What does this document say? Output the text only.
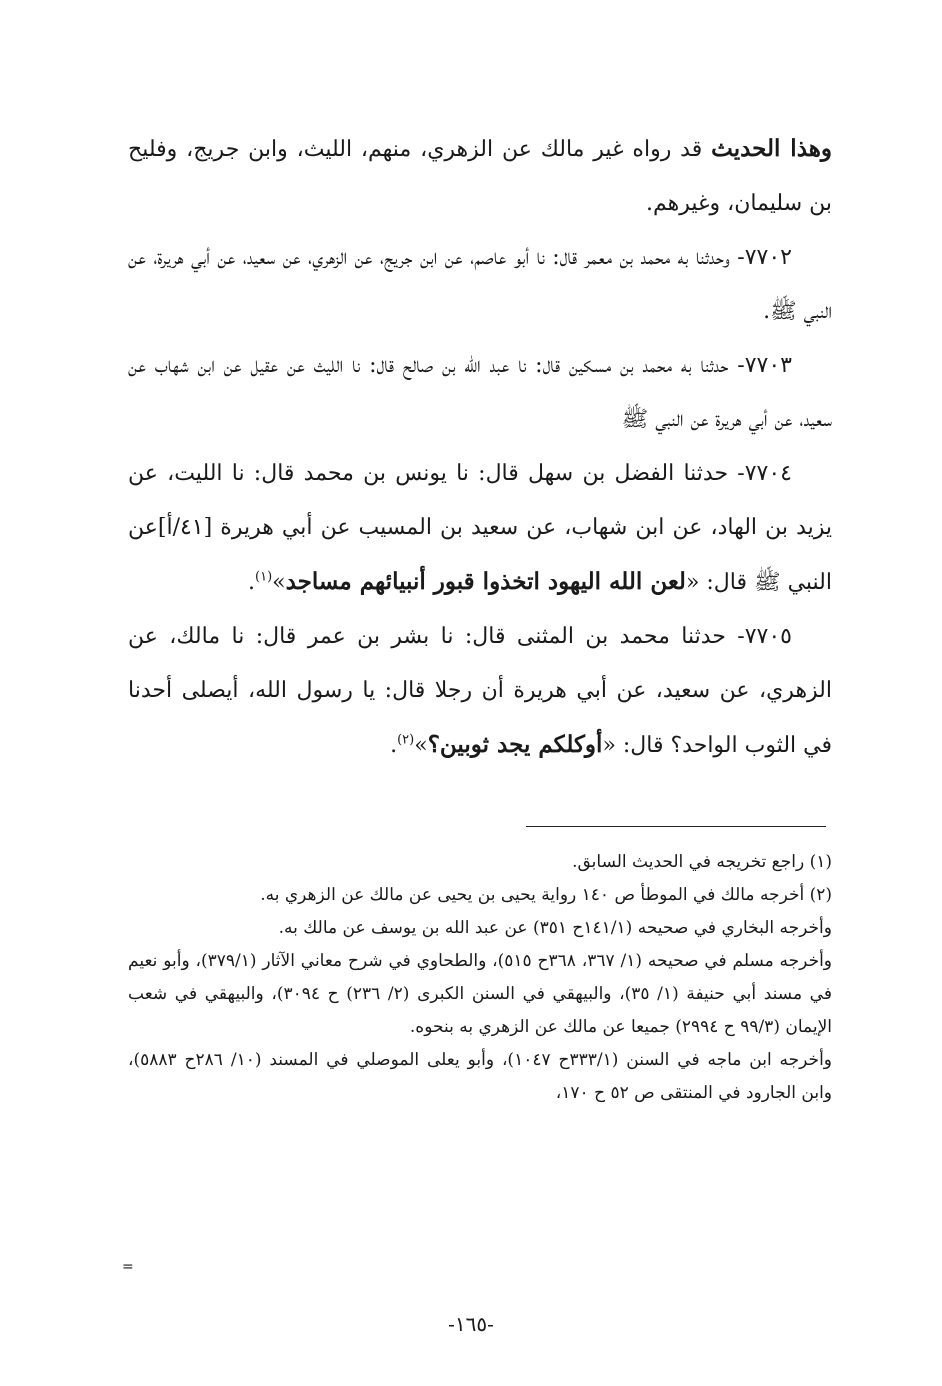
وهذا الحديث قد رواه غير مالك عن الزهري، منهم، الليث، وابن جريج، وفليح بن سليمان، وغيرهم.

٧٧٠٢- وحدثنا به محمد بن معمر قال: نا أبو عاصم، عن ابن جريج، عن الزهري، عن سعيد، عن أبي هريرة، عن النبي ﷺ.

٧٧٠٣- حدثنا به محمد بن مسكين قال: نا عبد الله بن صالح قال: نا الليث عن عقيل عن ابن شهاب عن سعيد، عن أبي هريرة عن النبي ﷺ

٧٧٠٤- حدثنا الفضل بن سهل قال: نا يونس بن محمد قال: نا الليت، عن يزيد بن الهاد، عن ابن شهاب، عن سعيد بن المسيب عن أبي هريرة [٤١/أ]عن النبي ﷺ قال: «لعن الله اليهود اتخذوا قبور أنبيائهم مساجد»$^{(١)}$.

٧٧٠٥- حدثنا محمد بن المثنى قال: نا بشر بن عمر قال: نا مالك، عن الزهري، عن سعيد، عن أبي هريرة أن رجلا قال: يا رسول الله، أيصلى أحدنا في الثوب الواحد؟ قال: «أوكلكم يجد ثوبين؟»$^{(٢)}$.

(١) راجع تخريجه في الحديث السابق.

(٢) أخرجه مالك في الموطأ ص ١٤٠ رواية يحيى بن يحيى عن مالك عن الزهري به.

وأخرجه البخاري في صحيحه (١٤١/١ح ٣٥١) عن عبد الله بن يوسف عن مالك به.

وأخرجه مسلم في صحيحه (١/ ٣٦٧، ٣٦٨ح ٥١٥)، والطحاوي في شرح معاني الآثار (٣٧٩/١)، وأبو نعيم في مسند أبي حنيفة (١/ ٣٥)، والبيهقي في السنن الكبرى (٢/ ٢٣٦) ح ٣٠٩٤)، والبيهقي في شعب الإيمان (٩٩/٣ ح ٢٩٩٤) جميعا عن مالك عن الزهري به بنحوه.

وأخرجه ابن ماجه في السنن (٣٣٣/١ح ١٠٤٧)، وأبو يعلى الموصلي في المسند (١٠/ ٢٨٦ح ٥٨٨٣)، وابن الجارود في المنتقى ص ٥٢ ح ١٧٠،

=
-١٦٥-
